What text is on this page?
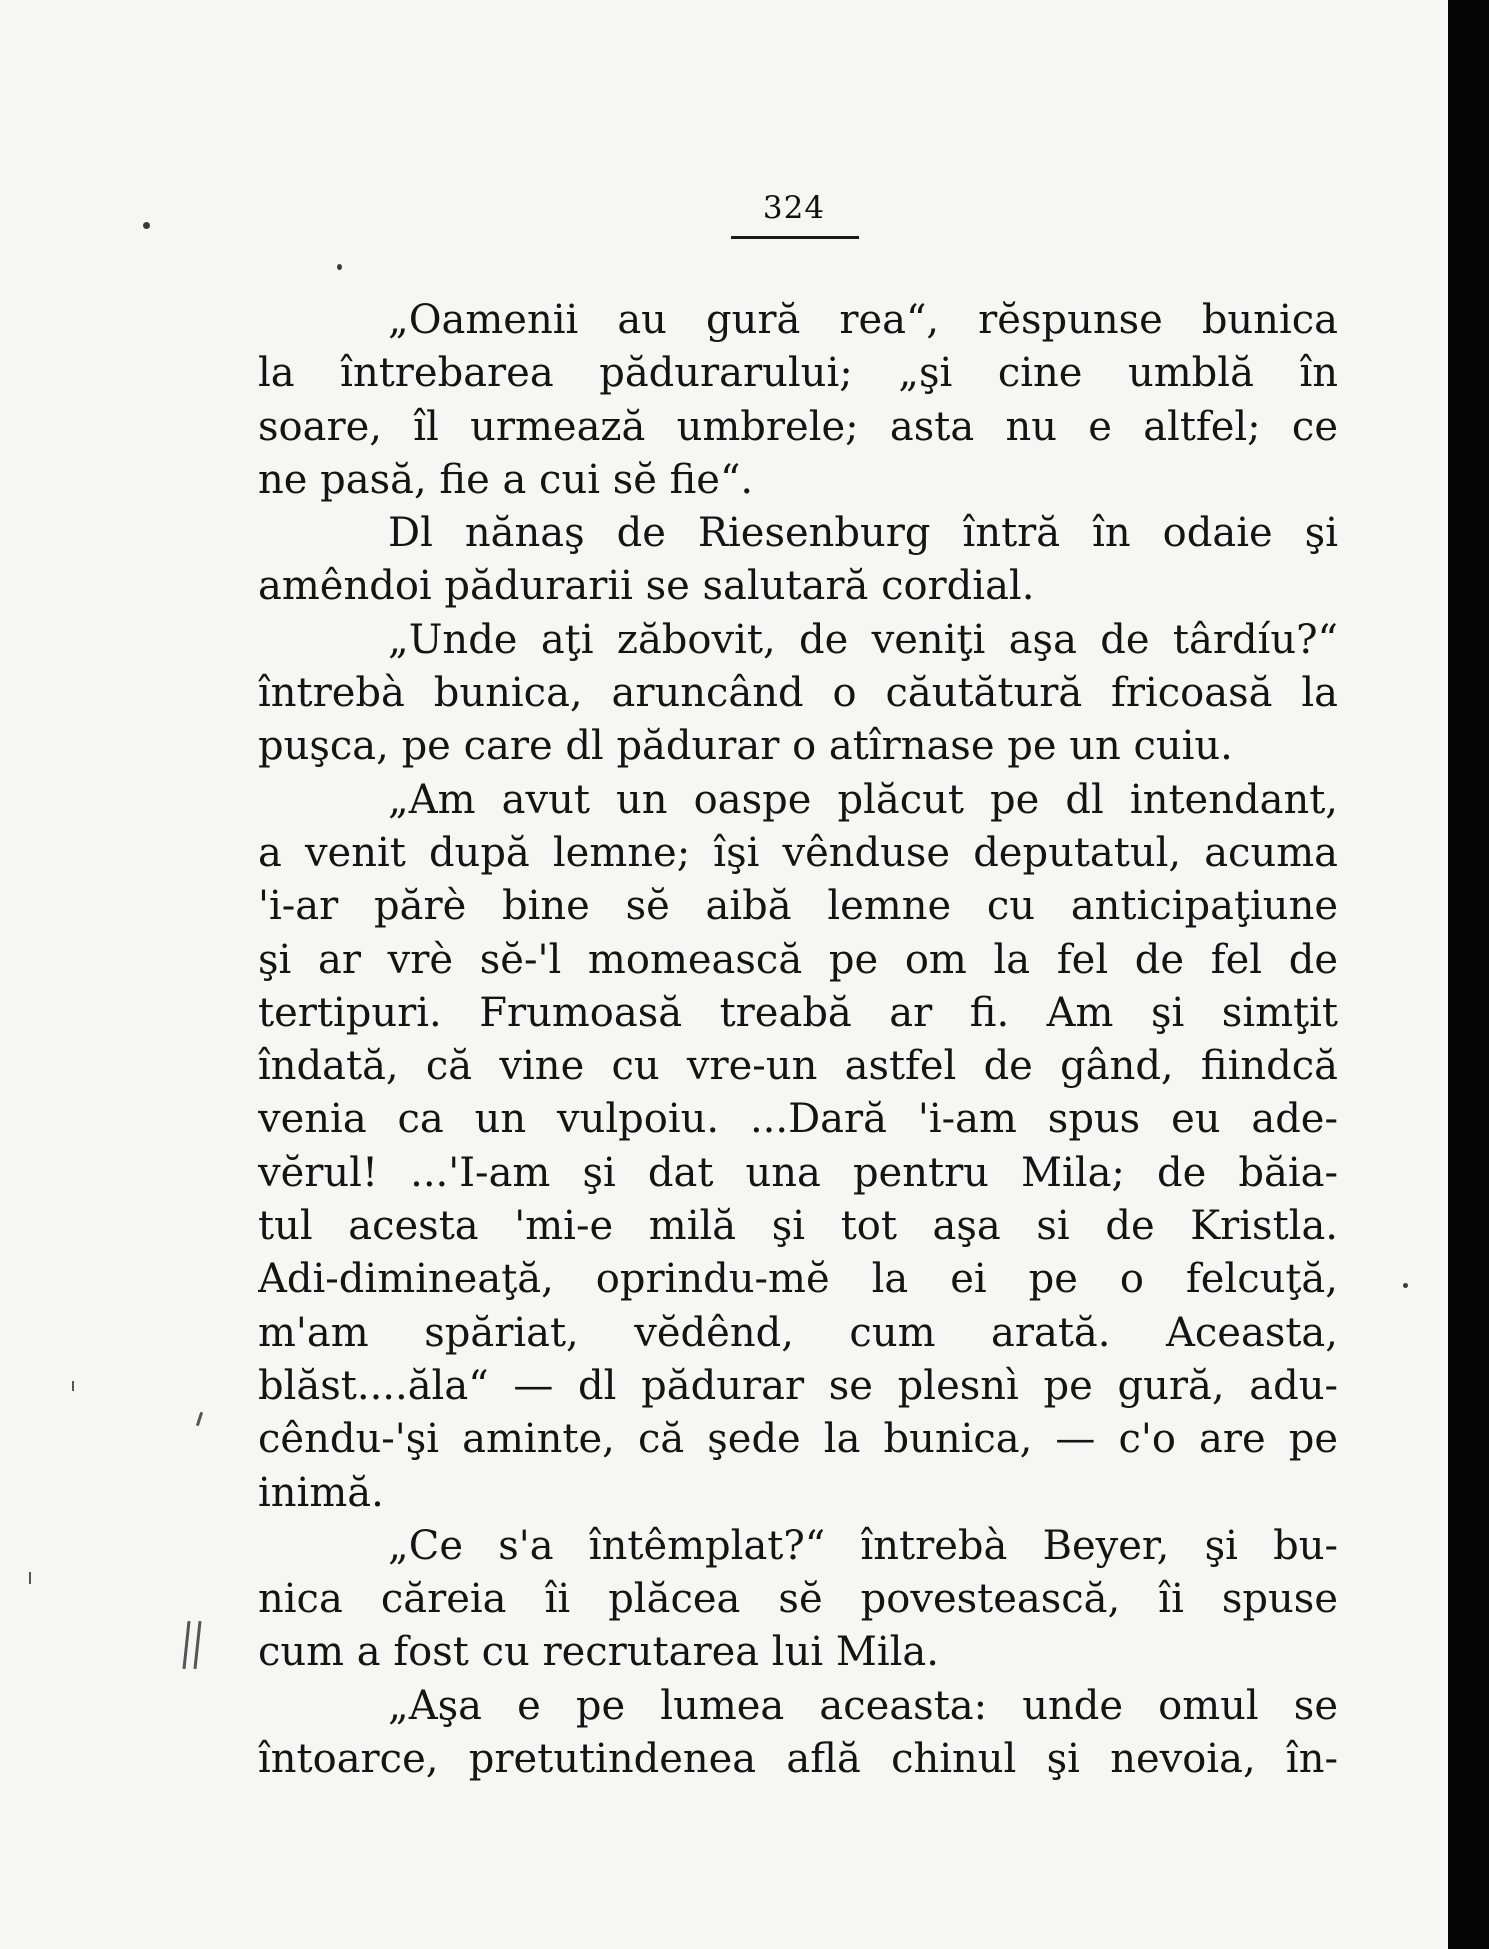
324
„Oamenii au gură rea“, rĕspunse bunica
la întrebarea pădurarului; „şi cine umblă în
soare, îl urmează umbrele; asta nu e altfel; ce
ne pasă, fie a cui sĕ fie“.
Dl nănaş de Riesenburg întră în odaie şi
amêndoi pădurarii se salutară cordial.
„Unde aţi zăbovit, de veniţi aşa de târdíu?“
întrebà bunica, aruncând o căutătură fricoasă la
puşca, pe care dl pădurar o atîrnase pe un cuiu.
„Am avut un oaspe plăcut pe dl intendant,
a venit după lemne; îşi vênduse deputatul, acuma
'i-ar părè bine sĕ aibă lemne cu anticipaţiune
şi ar vrè sĕ-'l momească pe om la fel de fel de
tertipuri. Frumoasă treabă ar fi. Am şi simţit
îndată, că vine cu vre-un astfel de gând, fiindcă
venia ca un vulpoiu. ...Dară 'i-am spus eu ade-
vĕrul! ...'I-am şi dat una pentru Mila; de băia-
tul acesta 'mi-e milă şi tot aşa si de Kristla.
Adi-dimineaţă, oprindu-mĕ la ei pe o felcuţă,
m'am spăriat, vĕdênd, cum arată. Aceasta,
blăst....ăla“ — dl pădurar se plesnì pe gură, adu-
cêndu-'şi aminte, că şede la bunica, — c'o are pe
inimă.
„Ce s'a întêmplat?“ întrebà Beyer, şi bu-
nica căreia îi plăcea sĕ povestească, îi spuse
cum a fost cu recrutarea lui Mila.
„Aşa e pe lumea aceasta: unde omul se
întoarce, pretutindenea află chinul şi nevoia, în-
